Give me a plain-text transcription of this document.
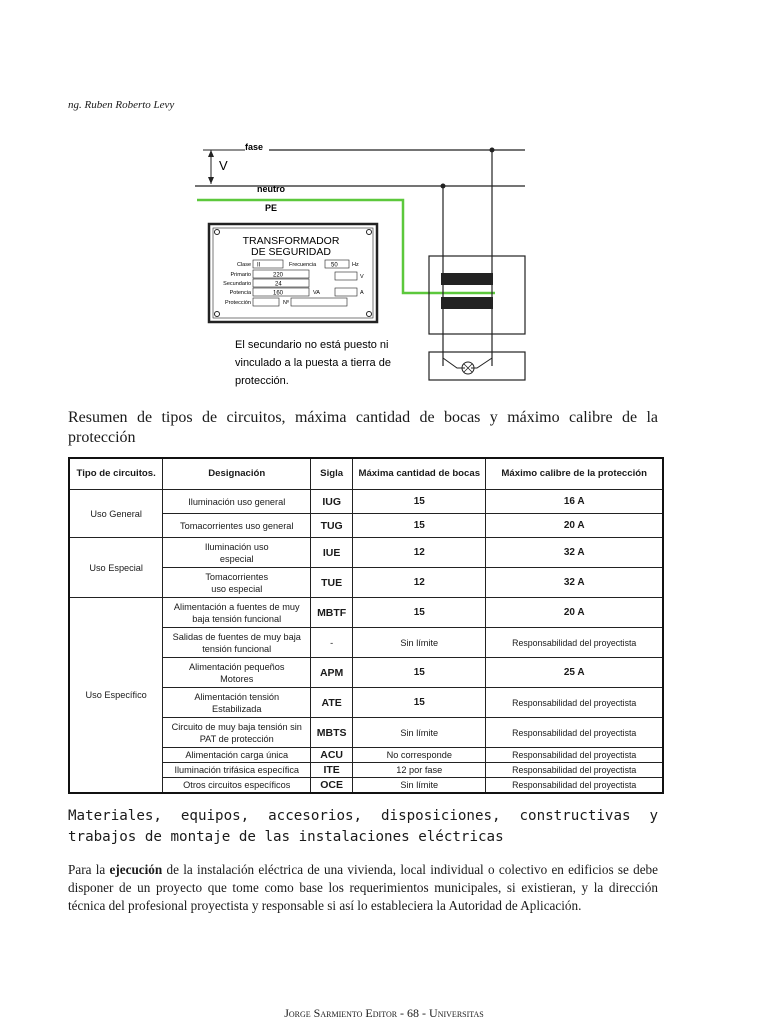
ng. Ruben Roberto Levy
fase
neutro
V
PE
TRANSFORMADOR
DE SEGURIDAD
Clase II	Frecuencia 50	Hz
Primario	220	V
Secundario	24
Potencia	160	VA	A
Protección	Nº
El secundario no está puesto ni
vinculado a la puesta a tierra de
protección.
Resumen de tipos de circuitos, máxima cantidad de bocas y máximo calibre de la protección
Tipo de circuitos.	Designación	Sigla	Máxima cantidad de bocas	Máximo calibre de la protección
Uso General	Iluminación uso general	IUG	15	16 A
	Tomacorrientes uso general	TUG	15	20 A
Uso Especial	Iluminación uso especial	IUE	12	32 A
	Tomacorrientes uso especial	TUE	12	32 A
Uso Específico	Alimentación a fuentes de muy baja tensión funcional	MBTF	15	20 A
	Salidas de fuentes de muy baja tensión funcional	-	Sin límite	Responsabilidad del proyectista
	Alimentación pequeños Motores	APM	15	25 A
	Alimentación tensión Estabilizada	ATE	15	Responsabilidad del proyectista
	Circuito de muy baja tensión sin PAT de protección	MBTS	Sin límite	Responsabilidad del proyectista
	Alimentación carga única	ACU	No corresponde	Responsabilidad del proyectista
	Iluminación trifásica específica	ITE	12 por fase	Responsabilidad del proyectista
	Otros circuitos específicos	OCE	Sin límite	Responsabilidad del proyectista
Materiales, equipos, accesorios, disposiciones, constructivas y trabajos de montaje de las instalaciones eléctricas

Para la ejecución de la instalación eléctrica de una vivienda, local individual o colectivo en edificios se debe disponer de un proyecto que tome como base los requerimientos municipales, si existieran, y la dirección técnica del profesional proyectista y responsable si así lo estableciera la Autoridad de Aplicación.

Jorge Sarmiento Editor - 68 - Universitas
